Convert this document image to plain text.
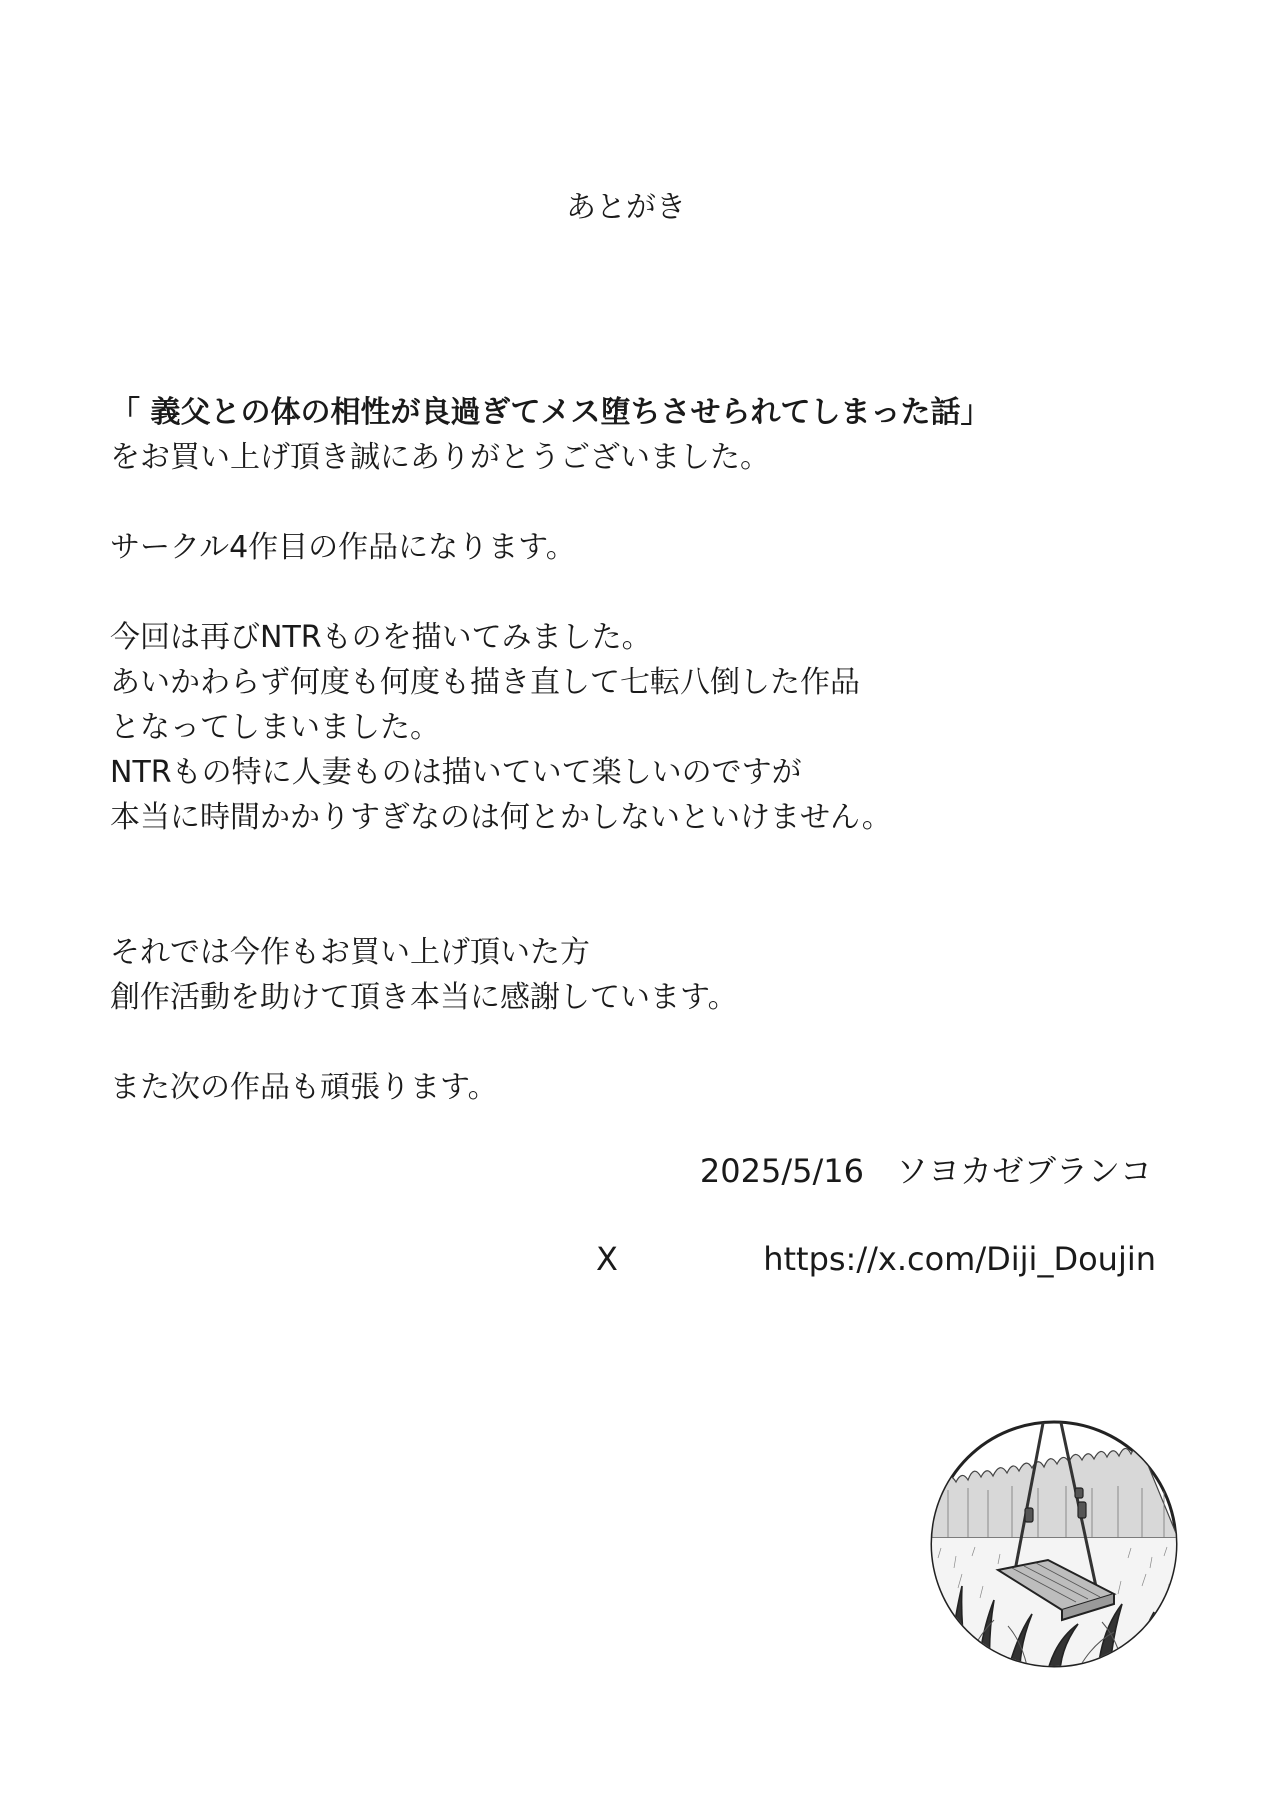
あとがき
「 義父との体の相性が良過ぎてメス堕ちさせられてしまった話」
をお買い上げ頂き誠にありがとうございました。
サークル4作目の作品になります。
今回は再びNTRものを描いてみました。
あいかわらず何度も何度も描き直して七転八倒した作品
となってしまいました。
NTRもの特に人妻ものは描いていて楽しいのですが
本当に時間かかりすぎなのは何とかしないといけません。
それでは今作もお買い上げ頂いた方
創作活動を助けて頂き本当に感謝しています。
また次の作品も頑張ります。
2025/5/16　ソヨカゼブランコ
X	https://x.com/Diji_Doujin
